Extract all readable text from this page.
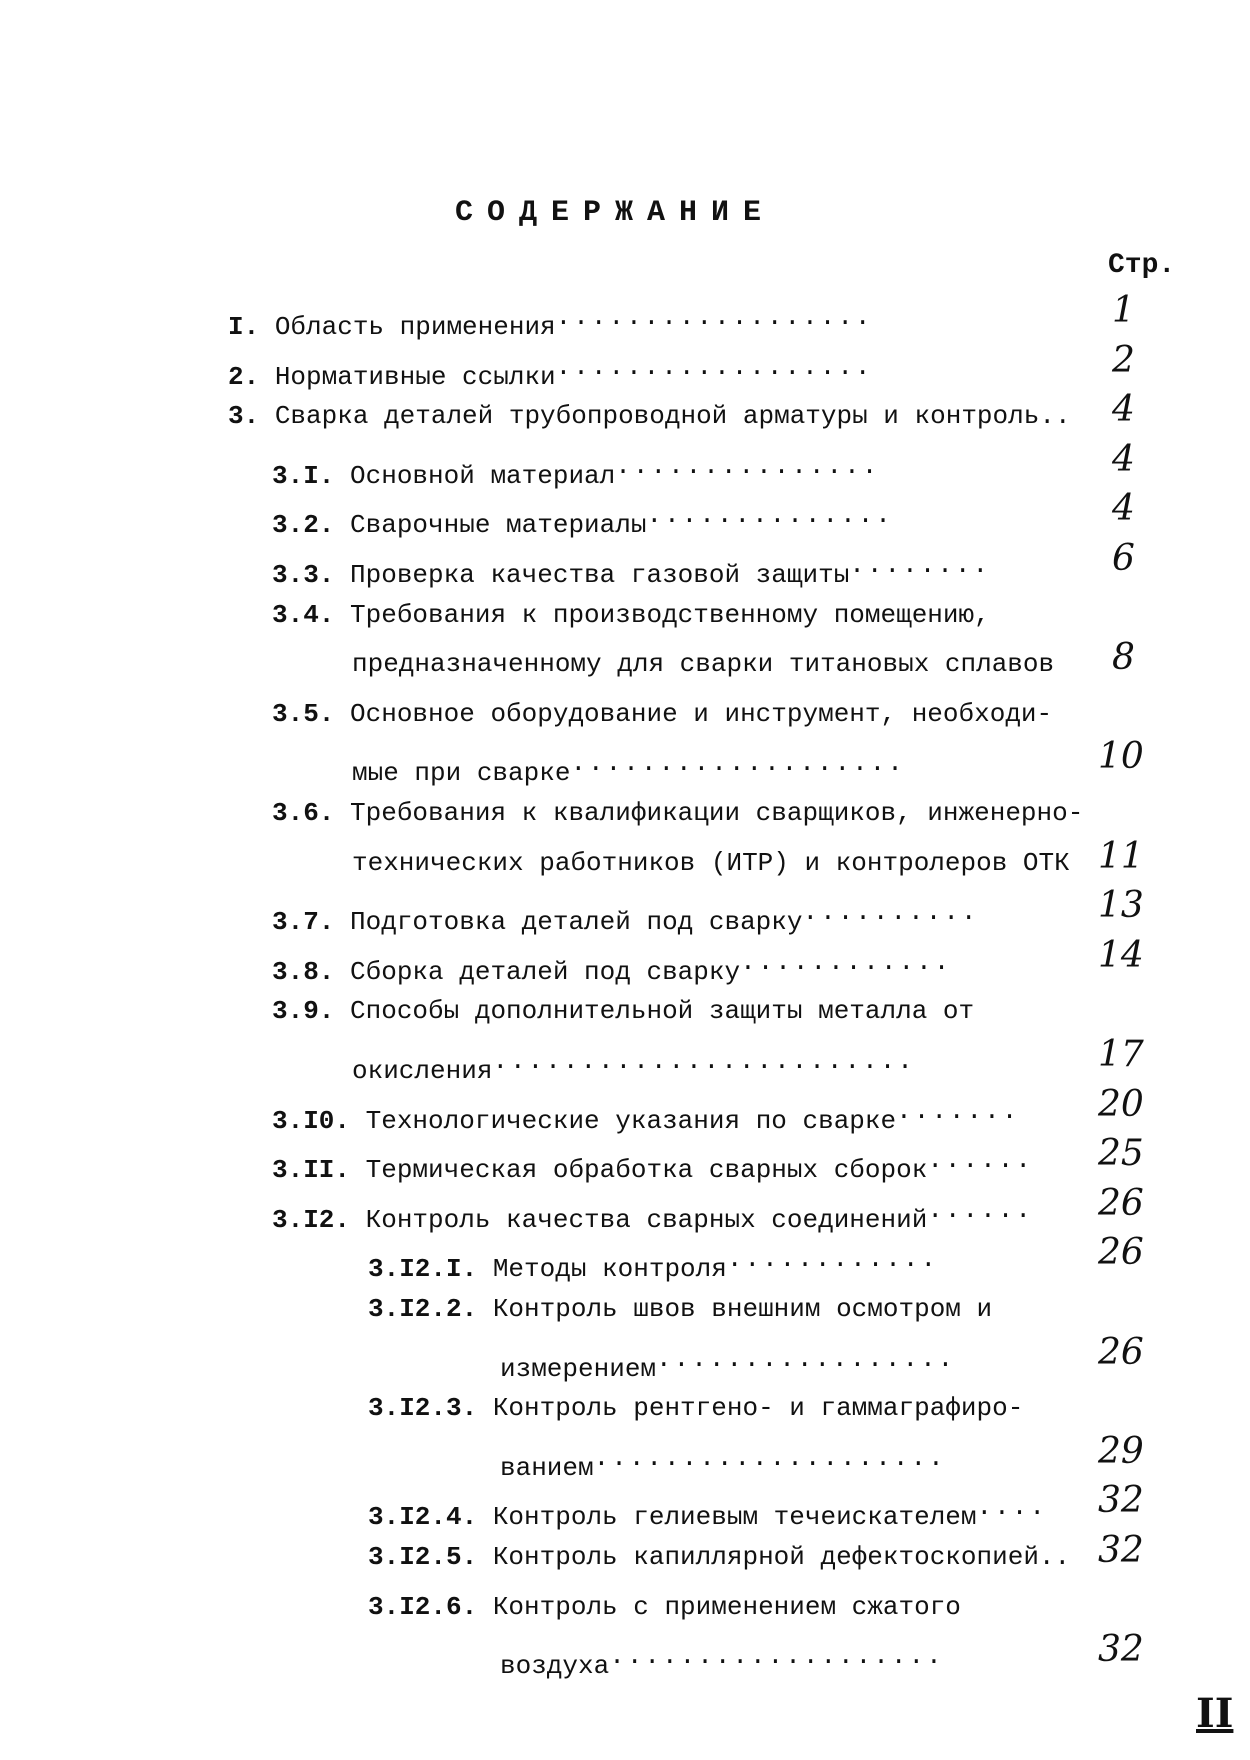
СОДЕРЖАНИЕ
Стр.
I. Область применения..................	1
2. Нормативные ссылки..................	2
3. Сварка деталей трубопроводной арматуры и контроль.. 4
3.I. Основной материал...............	4
3.2. Сварочные материалы..............	4
3.3. Проверка качества газовой защиты........	6
3.4. Требования к производственному помещению,
предназначенному для сварки титановых сплавов 8
3.5. Основное оборудование и инструмент, необходи-
мые при сварке...................	10
3.6. Требования к квалификации сварщиков, инженерно-
технических работников (ИТР) и контролеров ОТК 11
3.7. Подготовка деталей под сварку..........	13
3.8. Сборка деталей под сварку............	14
3.9. Способы дополнительной защиты металла от
окисления........................	17
3.I0. Технологические указания по сварке.......	20
3.II. Термическая обработка сварных сборок......	25
3.I2. Контроль качества сварных соединений......	26
3.I2.I. Методы контроля............	26
3.I2.2. Контроль швов внешним осмотром и
измерением.................	26
3.I2.3. Контроль рентгено- и гаммаграфиро-
ванием....................	29
3.I2.4. Контроль гелиевым течеискателем....	32
3.I2.5. Контроль капиллярной дефектоскопией.. 32
3.I2.6. Контроль с применением сжатого
воздуха...................	32
II
